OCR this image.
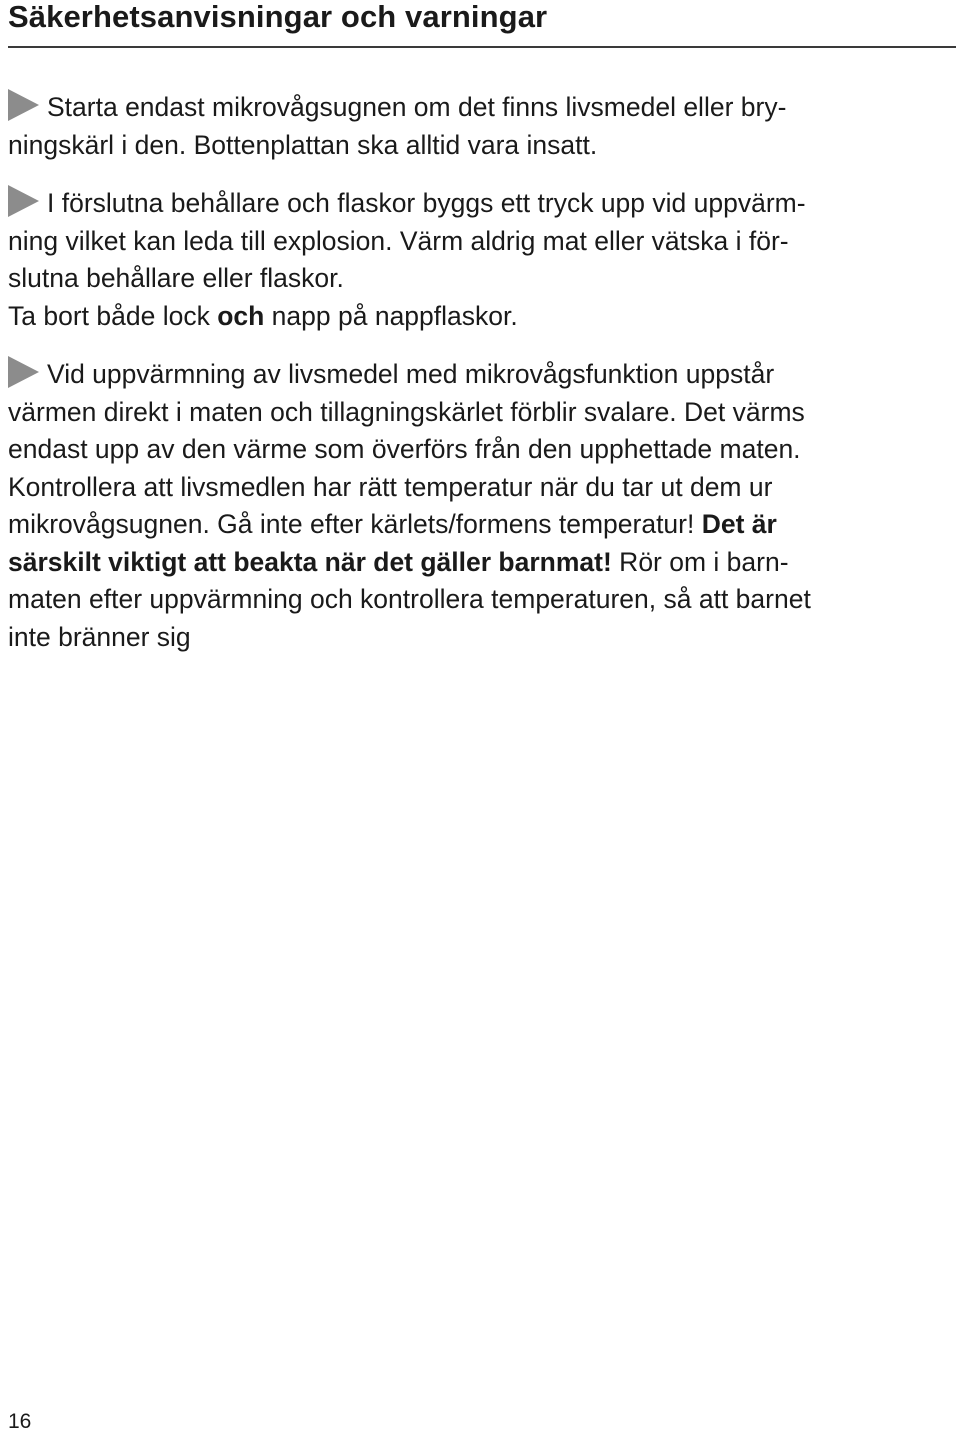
Säkerhetsanvisningar och varningar

Starta endast mikrovågsugnen om det finns livsmedel eller bry-
ningskärl i den. Bottenplattan ska alltid vara insatt.

I förslutna behållare och flaskor byggs ett tryck upp vid uppvärm-
ning vilket kan leda till explosion. Värm aldrig mat eller vätska i för-
slutna behållare eller flaskor.
Ta bort både lock och napp på nappflaskor.

Vid uppvärmning av livsmedel med mikrovågsfunktion uppstår
värmen direkt i maten och tillagningskärlet förblir svalare. Det värms
endast upp av den värme som överförs från den upphettade maten.
Kontrollera att livsmedlen har rätt temperatur när du tar ut dem ur
mikrovågsugnen. Gå inte efter kärlets/formens temperatur! Det är
särskilt viktigt att beakta när det gäller barnmat! Rör om i barn-
maten efter uppvärmning och kontrollera temperaturen, så att barnet
inte bränner sig

16
